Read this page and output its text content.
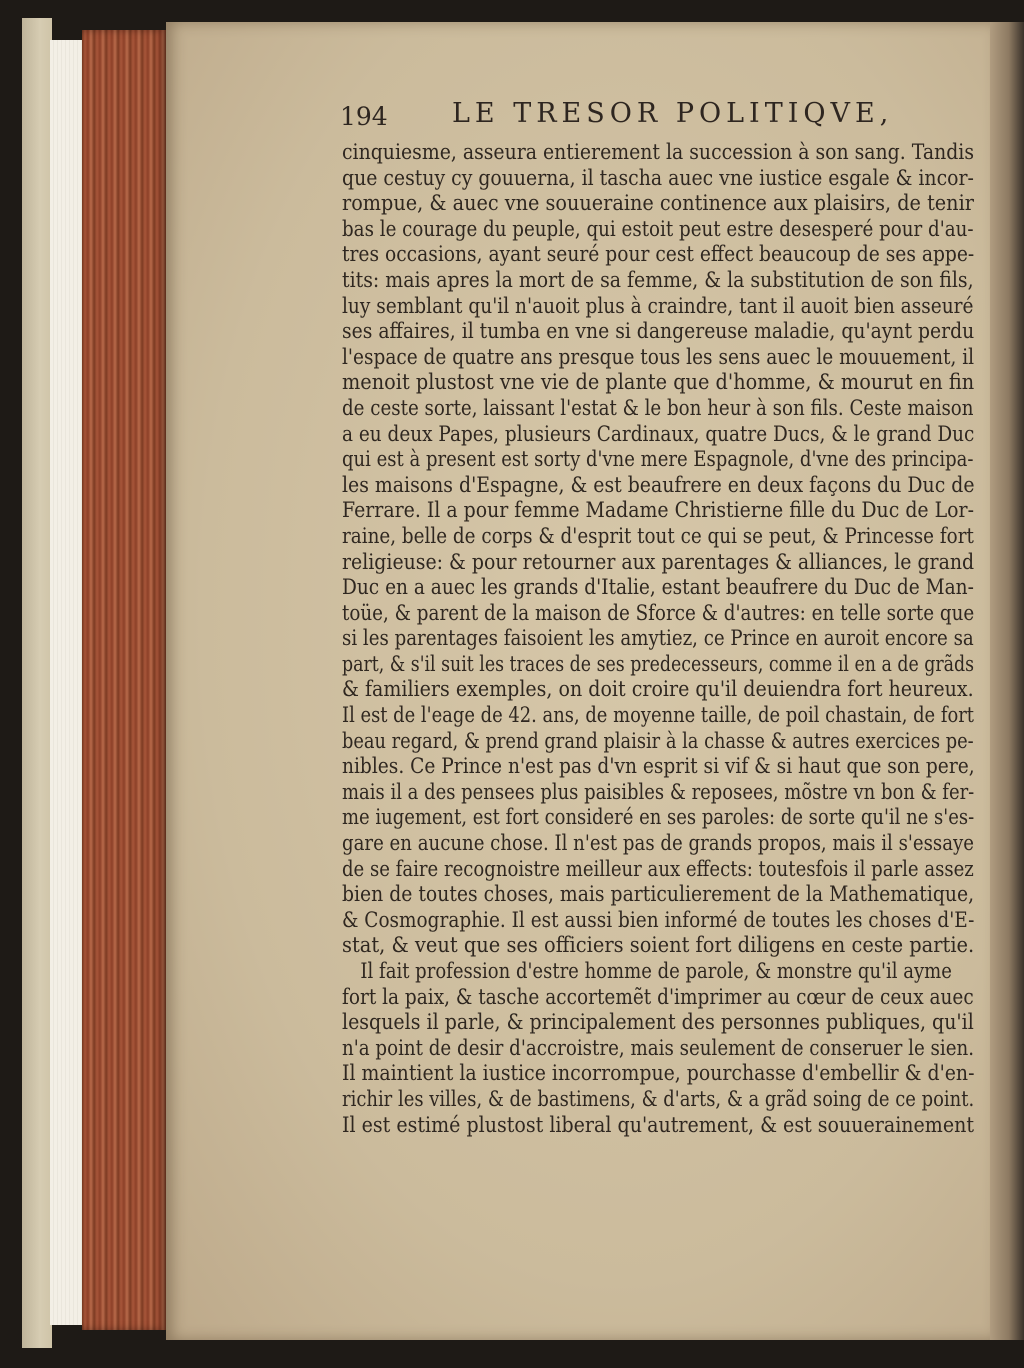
194 LE TRESOR POLITIQVE,
cinquiesme, asseura entierement la succession à son sang. Tandis
que cestuy cy gouuerna, il tascha auec vne iustice esgale & incor-
rompue, & auec vne souueraine continence aux plaisirs, de tenir
bas le courage du peuple, qui estoit peut estre desesperé pour d'au-
tres occasions, ayant seuré pour cest effect beaucoup de ses appe-
tits: mais apres la mort de sa femme, & la substitution de son fils,
luy semblant qu'il n'auoit plus à craindre, tant il auoit bien asseuré
ses affaires, il tumba en vne si dangereuse maladie, qu'aynt perdu
l'espace de quatre ans presque tous les sens auec le mouuement, il
menoit plustost vne vie de plante que d'homme, & mourut en fin
de ceste sorte, laissant l'estat & le bon heur à son fils. Ceste maison
a eu deux Papes, plusieurs Cardinaux, quatre Ducs, & le grand Duc
qui est à present est sorty d'vne mere Espagnole, d'vne des principa-
les maisons d'Espagne, & est beaufrere en deux façons du Duc de
Ferrare. Il a pour femme Madame Christierne fille du Duc de Lor-
raine, belle de corps & d'esprit tout ce qui se peut, & Princesse fort
religieuse: & pour retourner aux parentages & alliances, le grand
Duc en a auec les grands d'Italie, estant beaufrere du Duc de Man-
toüe, & parent de la maison de Sforce & d'autres: en telle sorte que
si les parentages faisoient les amytiez, ce Prince en auroit encore sa
part, & s'il suit les traces de ses predecesseurs, comme il en a de grãds
& familiers exemples, on doit croire qu'il deuiendra fort heureux.
Il est de l'eage de 42. ans, de moyenne taille, de poil chastain, de fort
beau regard, & prend grand plaisir à la chasse & autres exercices pe-
nibles. Ce Prince n'est pas d'vn esprit si vif & si haut que son pere,
mais il a des pensees plus paisibles & reposees, mõstre vn bon & fer-
me iugement, est fort consideré en ses paroles: de sorte qu'il ne s'es-
gare en aucune chose. Il n'est pas de grands propos, mais il s'essaye
de se faire recognoistre meilleur aux effects: toutesfois il parle assez
bien de toutes choses, mais particulierement de la Mathematique,
& Cosmographie. Il est aussi bien informé de toutes les choses d'E-
stat, & veut que ses officiers soient fort diligens en ceste partie.
Il fait profession d'estre homme de parole, & monstre qu'il ayme
fort la paix, & tasche accortemẽt d'imprimer au cœur de ceux auec
lesquels il parle, & principalement des personnes publiques, qu'il
n'a point de desir d'accroistre, mais seulement de conseruer le sien.
Il maintient la iustice incorrompue, pourchasse d'embellir & d'en-
richir les villes, & de bastimens, & d'arts, & a grãd soing de ce point.
Il est estimé plustost liberal qu'autrement, & est souuerainement
